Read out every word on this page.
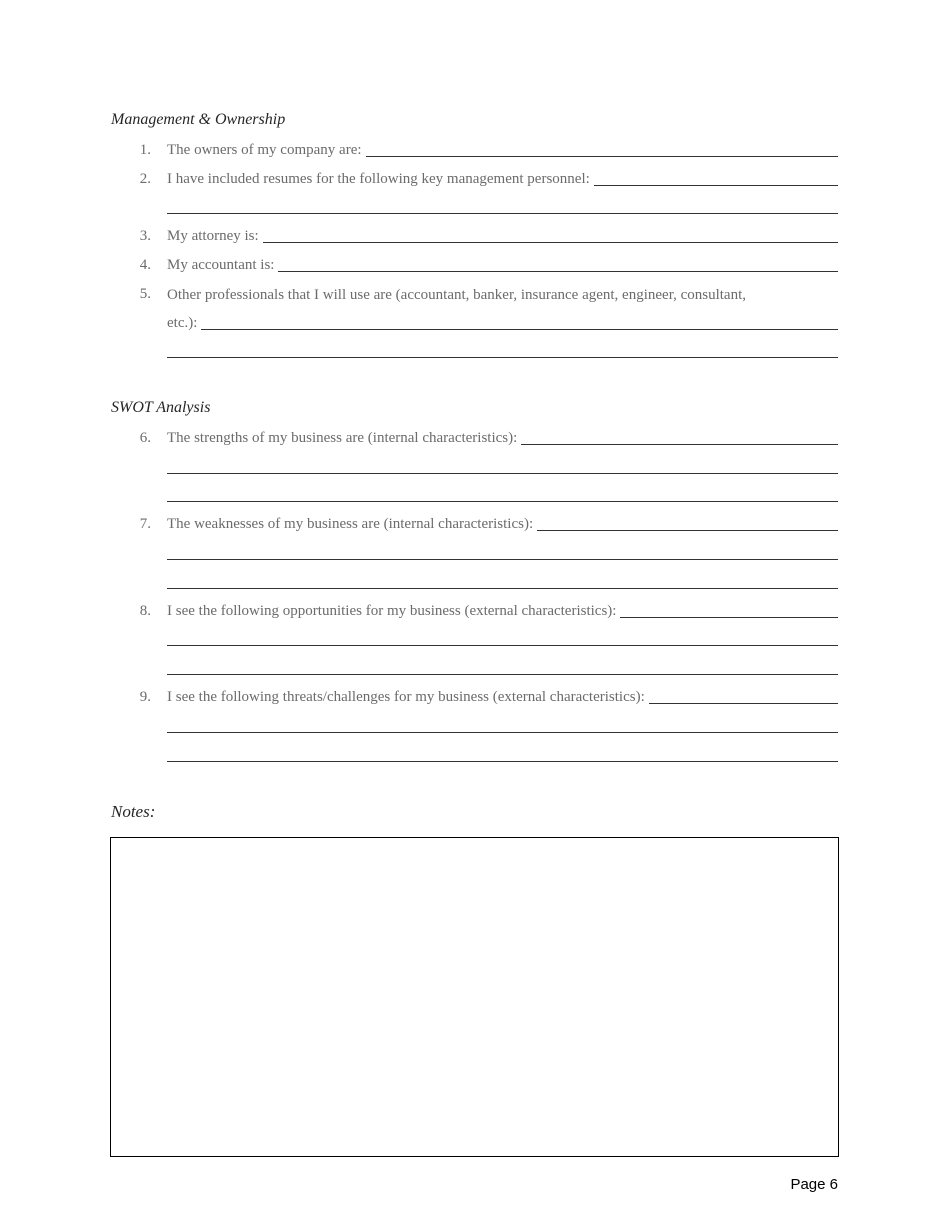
Management & Ownership
1. The owners of my company are:
2. I have included resumes for the following key management personnel:
3. My attorney is:
4. My accountant is:
5. Other professionals that I will use are (accountant, banker, insurance agent, engineer, consultant,
etc.):
SWOT Analysis
6. The strengths of my business are (internal characteristics):
7. The weaknesses of my business are (internal characteristics):
8. I see the following opportunities for my business (external characteristics):
9. I see the following threats/challenges for my business (external characteristics):
Notes:
Page 6
